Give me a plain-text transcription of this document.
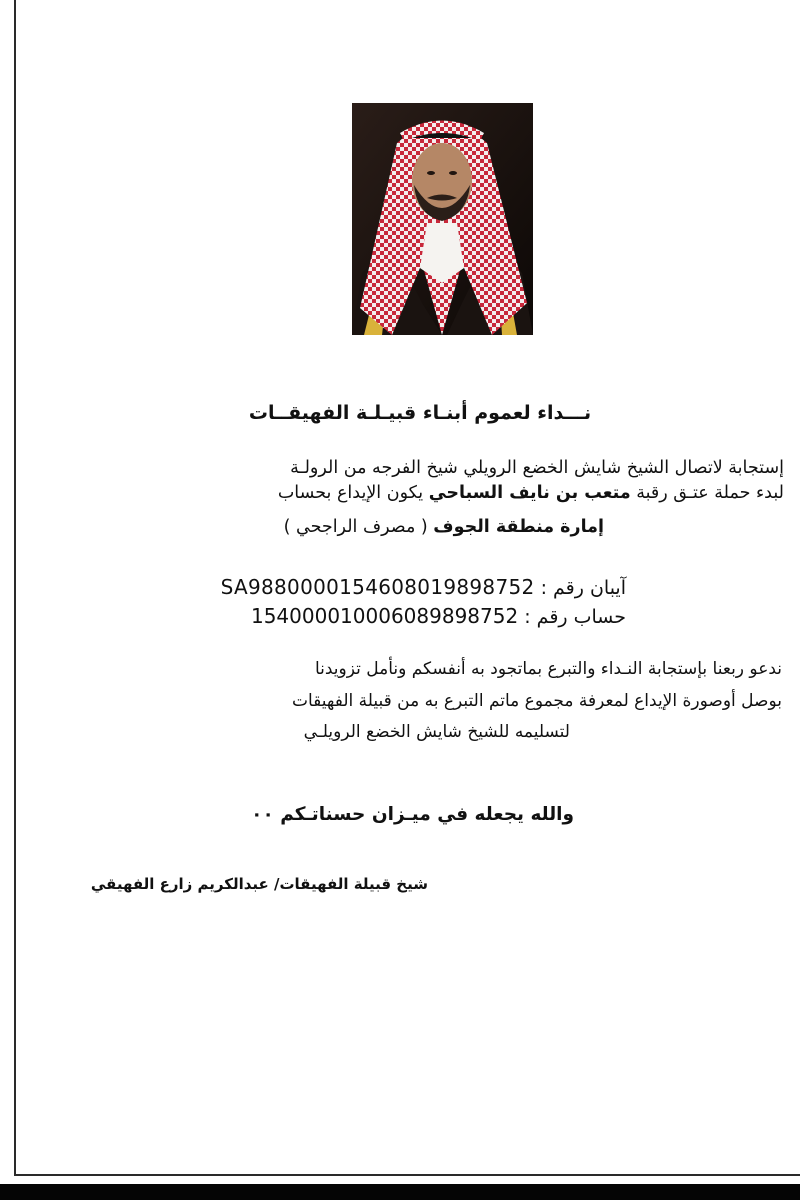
نـــداء لعموم أبنـاء قبيـلـة الفهيقــات
إستجابة لاتصال الشيخ شايش الخضع الرويلي شيخ الفرجه من الرولـة
لبدء حملة عتـق رقبة متعب بن نايف السباحي يكون الإيداع بحساب
إمارة منطقة الجوف ( مصرف الراجحي )
آيبان رقم : SA9880000154608019898752
حساب رقم : 154000010006089898752
ندعو ربعنا بإستجابة النـداء والتبرع بماتجود به أنفسكم ونأمل تزويدنا
بوصل أوصورة الإيداع لمعرفة مجموع ماتم التبرع به من قبيلة الفهيقات
لتسليمه للشيخ شايش الخضع الرويلـي
والله يجعله في ميـزان حسناتـكم ٠٠
شيخ قبيلة الفهيقات/ عبدالكريم زارع الفهيقي
